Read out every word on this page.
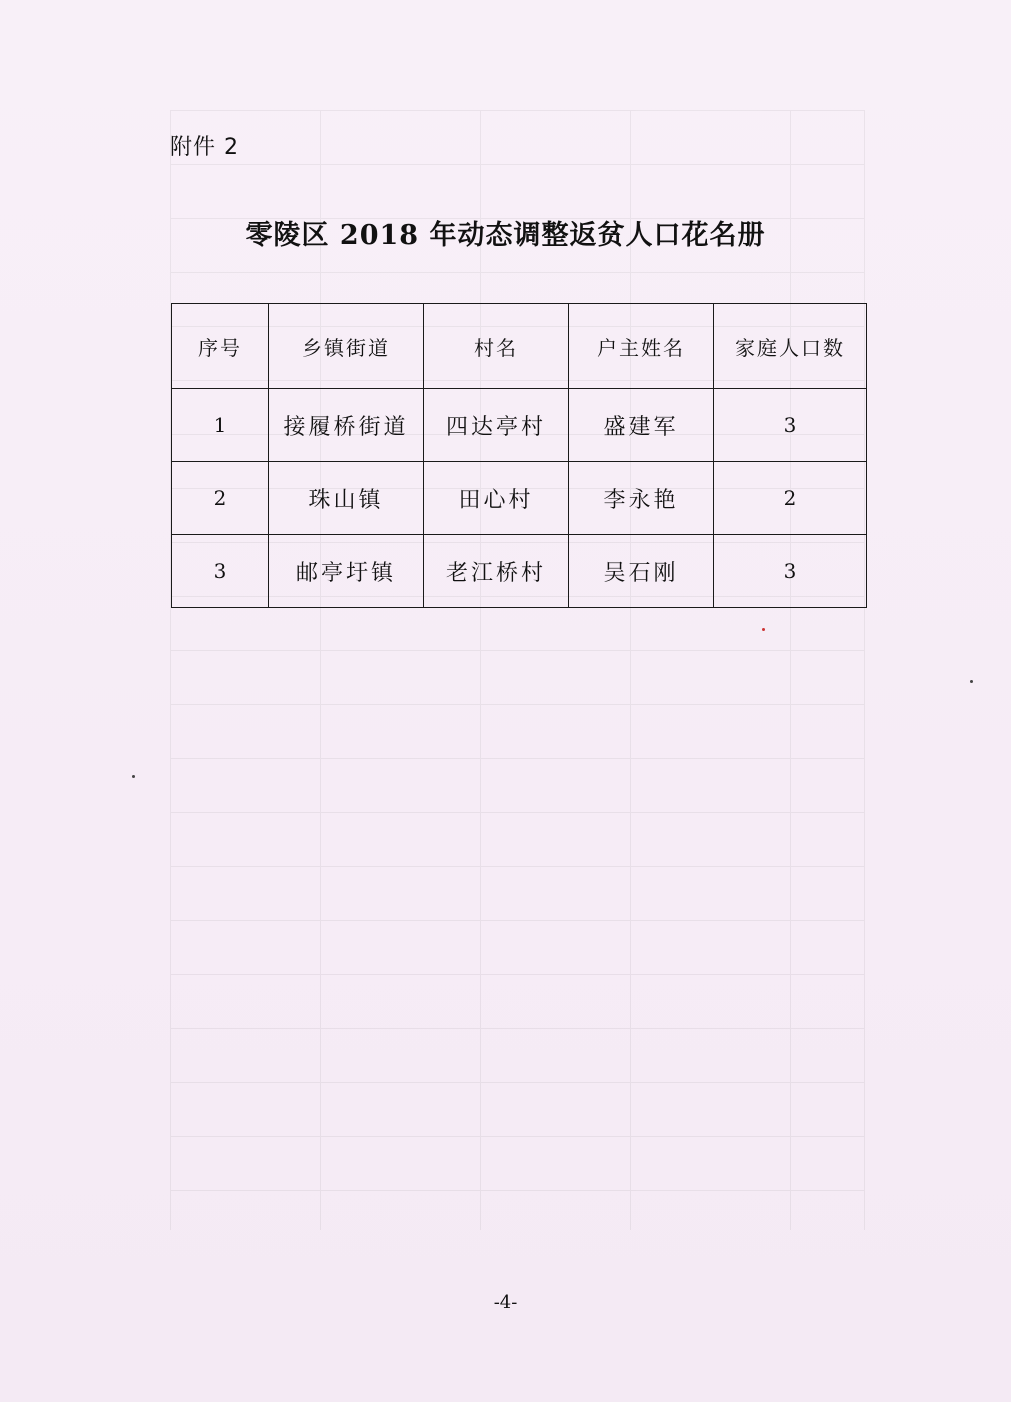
附件 2
零陵区 2018 年动态调整返贫人口花名册
序号	乡镇街道	村名	户主姓名	家庭人口数
1	接履桥街道	四达亭村	盛建军	3
2	珠山镇	田心村	李永艳	2
3	邮亭圩镇	老江桥村	吴石刚	3
-4-
